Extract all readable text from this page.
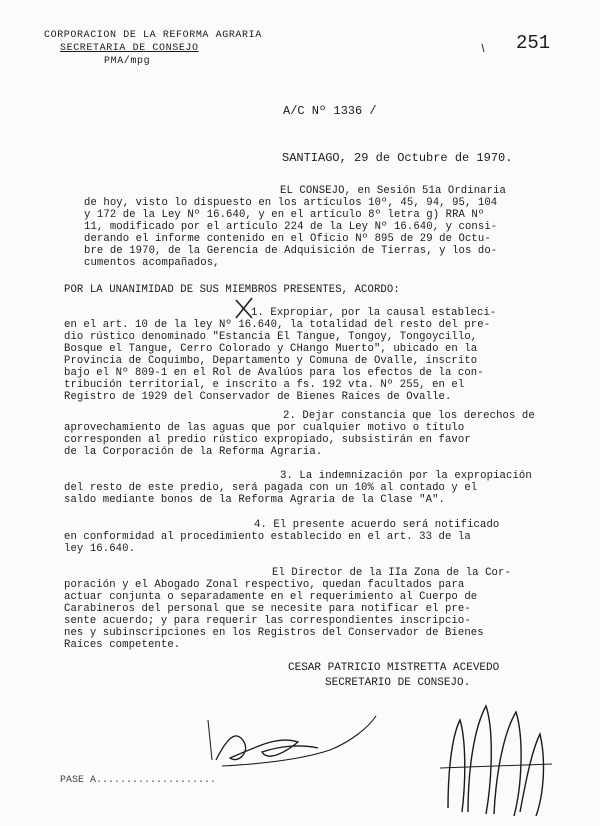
CORPORACION DE LA REFORMA AGRARIA
SECRETARIA DE CONSEJO
PMA/mpg
251
A/C Nº 1336 /
SANTIAGO, 29 de Octubre de 1970.
EL CONSEJO, en Sesión 51a Ordinaria
de hoy, visto lo dispuesto en los artículos 10º, 45, 94, 95, 104
y 172 de la Ley Nº 16.640, y en el artículo 8º letra g) RRA Nº
11, modificado por el artículo 224 de la Ley Nº 16.640, y consi-
derando el informe contenido en el Oficio Nº 895 de 29 de Octu-
bre de 1970, de la Gerencia de Adquisición de Tierras, y los do-
cumentos acompañados,
POR LA UNANIMIDAD DE SUS MIEMBROS PRESENTES, ACORDO:
1. Expropiar, por la causal estableci-
en el art. 10 de la ley Nº 16.640, la totalidad del resto del pre-
dio rústico denominado "Estancia El Tangue, Tongoy, Tongoycillo,
Bosque el Tangue, Cerro Colorado y CHango Muerto", ubicado en la
Provincia de Coquimbo, Departamento y Comuna de Ovalle, inscrito
bajo el Nº 809-1 en el Rol de Avalúos para los efectos de la con-
tribución territorial, e inscrito a fs. 192 vta. Nº 255, en el
Registro de 1929 del Conservador de Bienes Raíces de Ovalle.
2. Dejar constancia que los derechos de
aprovechamiento de las aguas que por cualquier motivo o título
corresponden al predio rústico expropiado, subsistirán en favor
de la Corporación de la Reforma Agraria.
3. La indemnización por la expropiación
del resto de este predio, será pagada con un 10% al contado y el
saldo mediante bonos de la Reforma Agraria de la Clase "A".
4. El presente acuerdo será notificado
en conformidad al procedimiento establecido en el art. 33 de la
ley 16.640.
El Director de la IIa Zona de la Cor-
poración y el Abogado Zonal respectivo, quedan facultados para
actuar conjunta o separadamente en el requerimiento al Cuerpo de
Carabineros del personal que se necesite para notificar el pre-
sente acuerdo; y para requerir las correspondientes inscripcio-
nes y subinscripciones en los Registros del Conservador de Bienes
Raíces competente.
CESAR PATRICIO MISTRETTA ACEVEDO
SECRETARIO DE CONSEJO.
PASE A....................
